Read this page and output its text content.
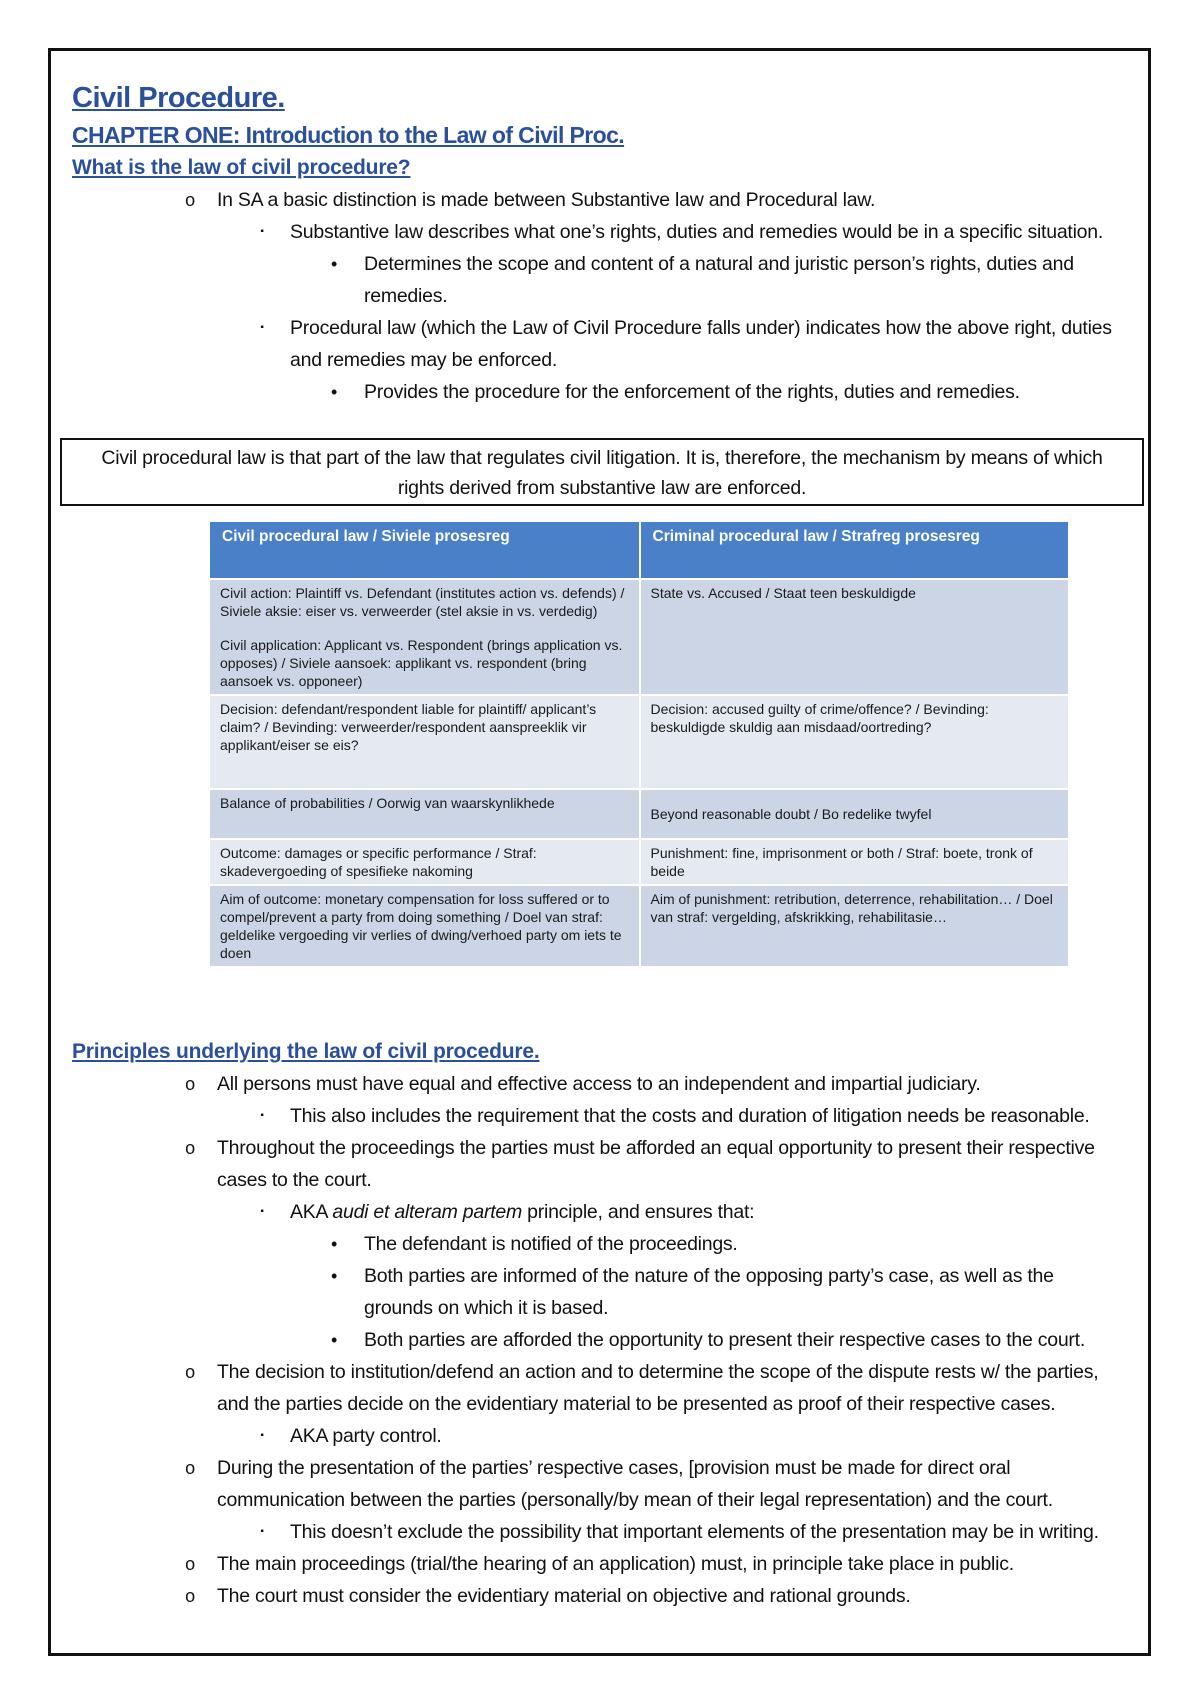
Civil Procedure.
CHAPTER ONE: Introduction to the Law of Civil Proc.
What is the law of civil procedure?
o In SA a basic distinction is made between Substantive law and Procedural law.
▪	Substantive law describes what one’s rights, duties and remedies would be in a specific situation.
•	Determines the scope and content of a natural and juristic person’s rights, duties and
remedies.
▪	Procedural law (which the Law of Civil Procedure falls under) indicates how the above right, duties
and remedies may be enforced.
•	Provides the procedure for the enforcement of the rights, duties and remedies.
Civil procedural law is that part of the law that regulates civil litigation. It is, therefore, the mechanism by means of which
rights derived from substantive law are enforced.
Civil procedural law / Siviele prosesreg	Criminal procedural law / Strafreg prosesreg

Civil action: Plaintiff vs. Defendant (institutes action vs. defends) / Siviele aksie: eiser vs. verweerder (stel aksie in vs. verdedig)

Civil application: Applicant vs. Respondent (brings application vs. opposes) / Siviele aansoek: applikant vs. respondent (bring aansoek vs. opponeer)	State vs. Accused / Staat teen beskuldigde
Decision: defendant/respondent liable for plaintiff/ applicant’s claim? / Bevinding: verweerder/respondent aanspreeklik vir applikant/eiser se eis?	Decision: accused guilty of crime/offence? / Bevinding: beskuldigde skuldig aan misdaad/oortreding?
Balance of probabilities / Oorwig van waarskynlikhede	Beyond reasonable doubt / Bo redelike twyfel
Outcome: damages or specific performance / Straf: skadevergoeding of spesifieke nakoming	Punishment: fine, imprisonment or both / Straf: boete, tronk of beide
Aim of outcome: monetary compensation for loss suffered or to compel/prevent a party from doing something / Doel van straf: geldelike vergoeding vir verlies of dwing/verhoed party om iets te doen	Aim of punishment: retribution, deterrence, rehabilitation… / Doel van straf: vergelding, afskrikking, rehabilitasie…
Principles underlying the law of civil procedure.
o All persons must have equal and effective access to an independent and impartial judiciary.
▪	This also includes the requirement that the costs and duration of litigation needs be reasonable.
o Throughout the proceedings the parties must be afforded an equal opportunity to present their respective
cases to the court.
▪	AKA audi et alteram partem principle, and ensures that:
•	The defendant is notified of the proceedings.
•	Both parties are informed of the nature of the opposing party’s case, as well as the
grounds on which it is based.
•	Both parties are afforded the opportunity to present their respective cases to the court.
o The decision to institution/defend an action and to determine the scope of the dispute rests w/ the parties,
and the parties decide on the evidentiary material to be presented as proof of their respective cases.
▪	AKA party control.
o During the presentation of the parties’ respective cases, [provision must be made for direct oral
communication between the parties (personally/by mean of their legal representation) and the court.
▪	This doesn’t exclude the possibility that important elements of the presentation may be in writing.
o The main proceedings (trial/the hearing of an application) must, in principle take place in public.
o The court must consider the evidentiary material on objective and rational grounds.
